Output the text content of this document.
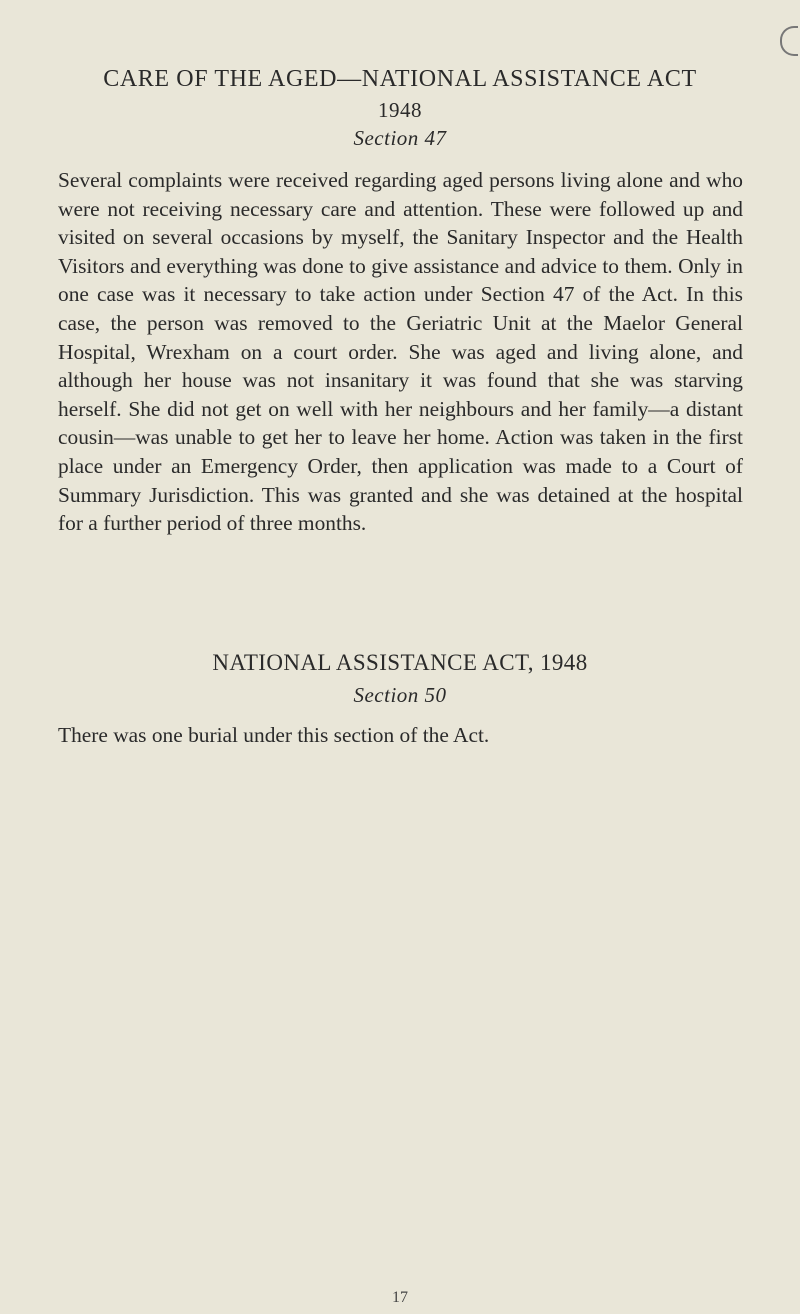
CARE OF THE AGED—NATIONAL ASSISTANCE ACT
1948
Section 47
Several complaints were received regarding aged persons living alone and who were not receiving necessary care and attention. These were followed up and visited on several occasions by myself, the Sanitary Inspector and the Health Visitors and everything was done to give assistance and advice to them. Only in one case was it necessary to take action under Section 47 of the Act. In this case, the person was removed to the Geriatric Unit at the Maelor General Hospital, Wrexham on a court order. She was aged and living alone, and although her house was not insanitary it was found that she was starving herself. She did not get on well with her neighbours and her family—a distant cousin—was unable to get her to leave her home. Action was taken in the first place under an Emergency Order, then application was made to a Court of Summary Jurisdiction. This was granted and she was detained at the hospital for a further period of three months.
NATIONAL ASSISTANCE ACT, 1948
Section 50
There was one burial under this section of the Act.
17
